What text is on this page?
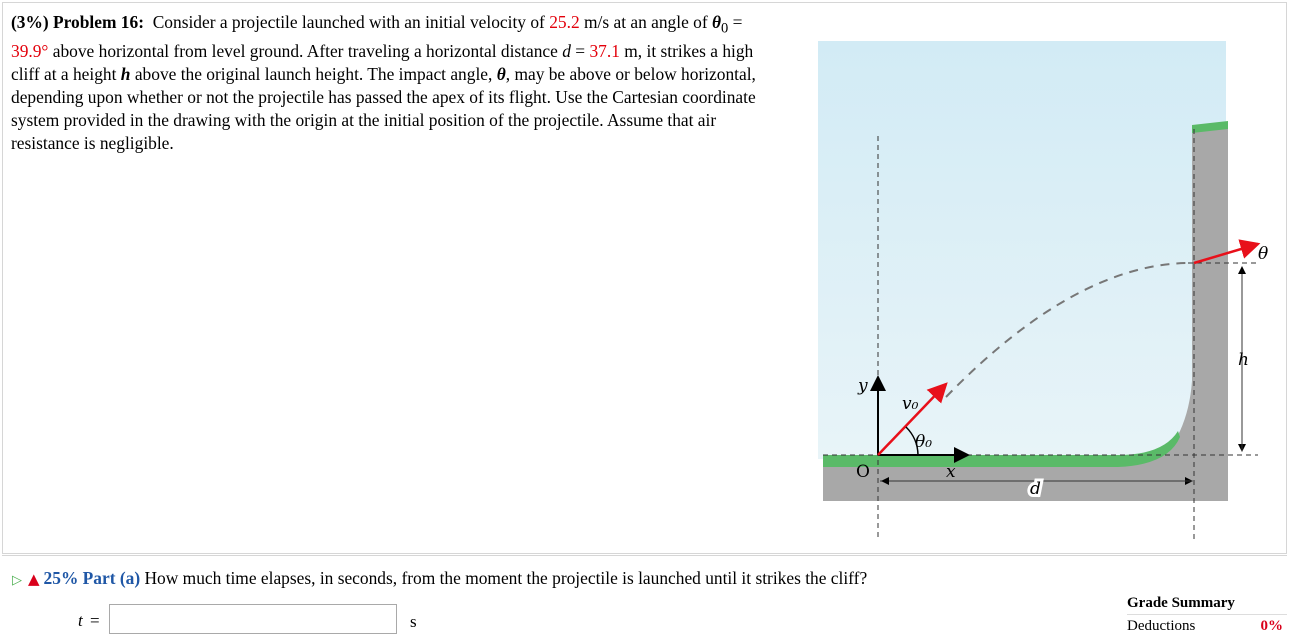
(3%) Problem 16: Consider a projectile launched with an initial velocity of 25.2 m/s at an angle of $\theta_0 = 39.9^\circ$ above horizontal from level ground. After traveling a horizontal distance d = 37.1 m, it strikes a high cliff at a height h above the original launch height. The impact angle, θ, may be above or below horizontal, depending upon whether or not the projectile has passed the apex of its flight. Use the Cartesian coordinate system provided in the drawing with the origin at the initial position of the projectile. Assume that air resistance is negligible.
y
x
O
v₀
θ₀
d
h
θ
▷ ▲ 25% Part (a) How much time elapses, in seconds, from the moment the projectile is launched until it strikes the cliff?
t =	s
Grade Summary
Deductions	0%
